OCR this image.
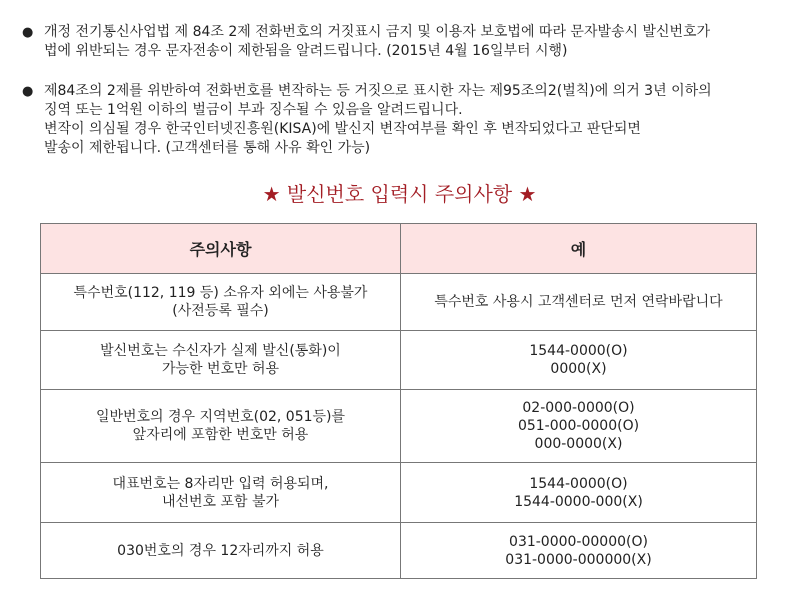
● 개정 전기통신사업법 제 84조 2제 전화번호의 거짓표시 금지 및 이용자 보호법에 따라 문자발송시 발신번호가
법에 위반되는 경우 문자전송이 제한됨을 알려드립니다. (2015년 4월 16일부터 시행)
● 제84조의 2제를 위반하여 전화번호를 변작하는 등 거짓으로 표시한 자는 제95조의2(벌칙)에 의거 3년 이하의
징역 또는 1억원 이하의 벌금이 부과 징수될 수 있음을 알려드립니다.
변작이 의심될 경우 한국인터넷진흥원(KISA)에 발신지 변작여부를 확인 후 변작되었다고 판단되면
발송이 제한됩니다. (고객센터를 통해 사유 확인 가능)
★ 발신번호 입력시 주의사항 ★
주의사항	예

특수번호(112, 119 등) 소유자 외에는 사용불가
(사전등록 필수)	특수번호 사용시 고객센터로 먼저 연락바랍니다

발신번호는 수신자가 실제 발신(통화)이
가능한 번호만 허용	1544-0000(O)
0000(X)

일반번호의 경우 지역번호(02, 051등)를
앞자리에 포함한 번호만 허용	02-000-0000(O)
051-000-0000(O)
000-0000(X)

대표번호는 8자리만 입력 허용되며,
내선번호 포함 불가	1544-0000(O)
1544-0000-000(X)

030번호의 경우 12자리까지 허용	031-0000-00000(O)
031-0000-000000(X)
